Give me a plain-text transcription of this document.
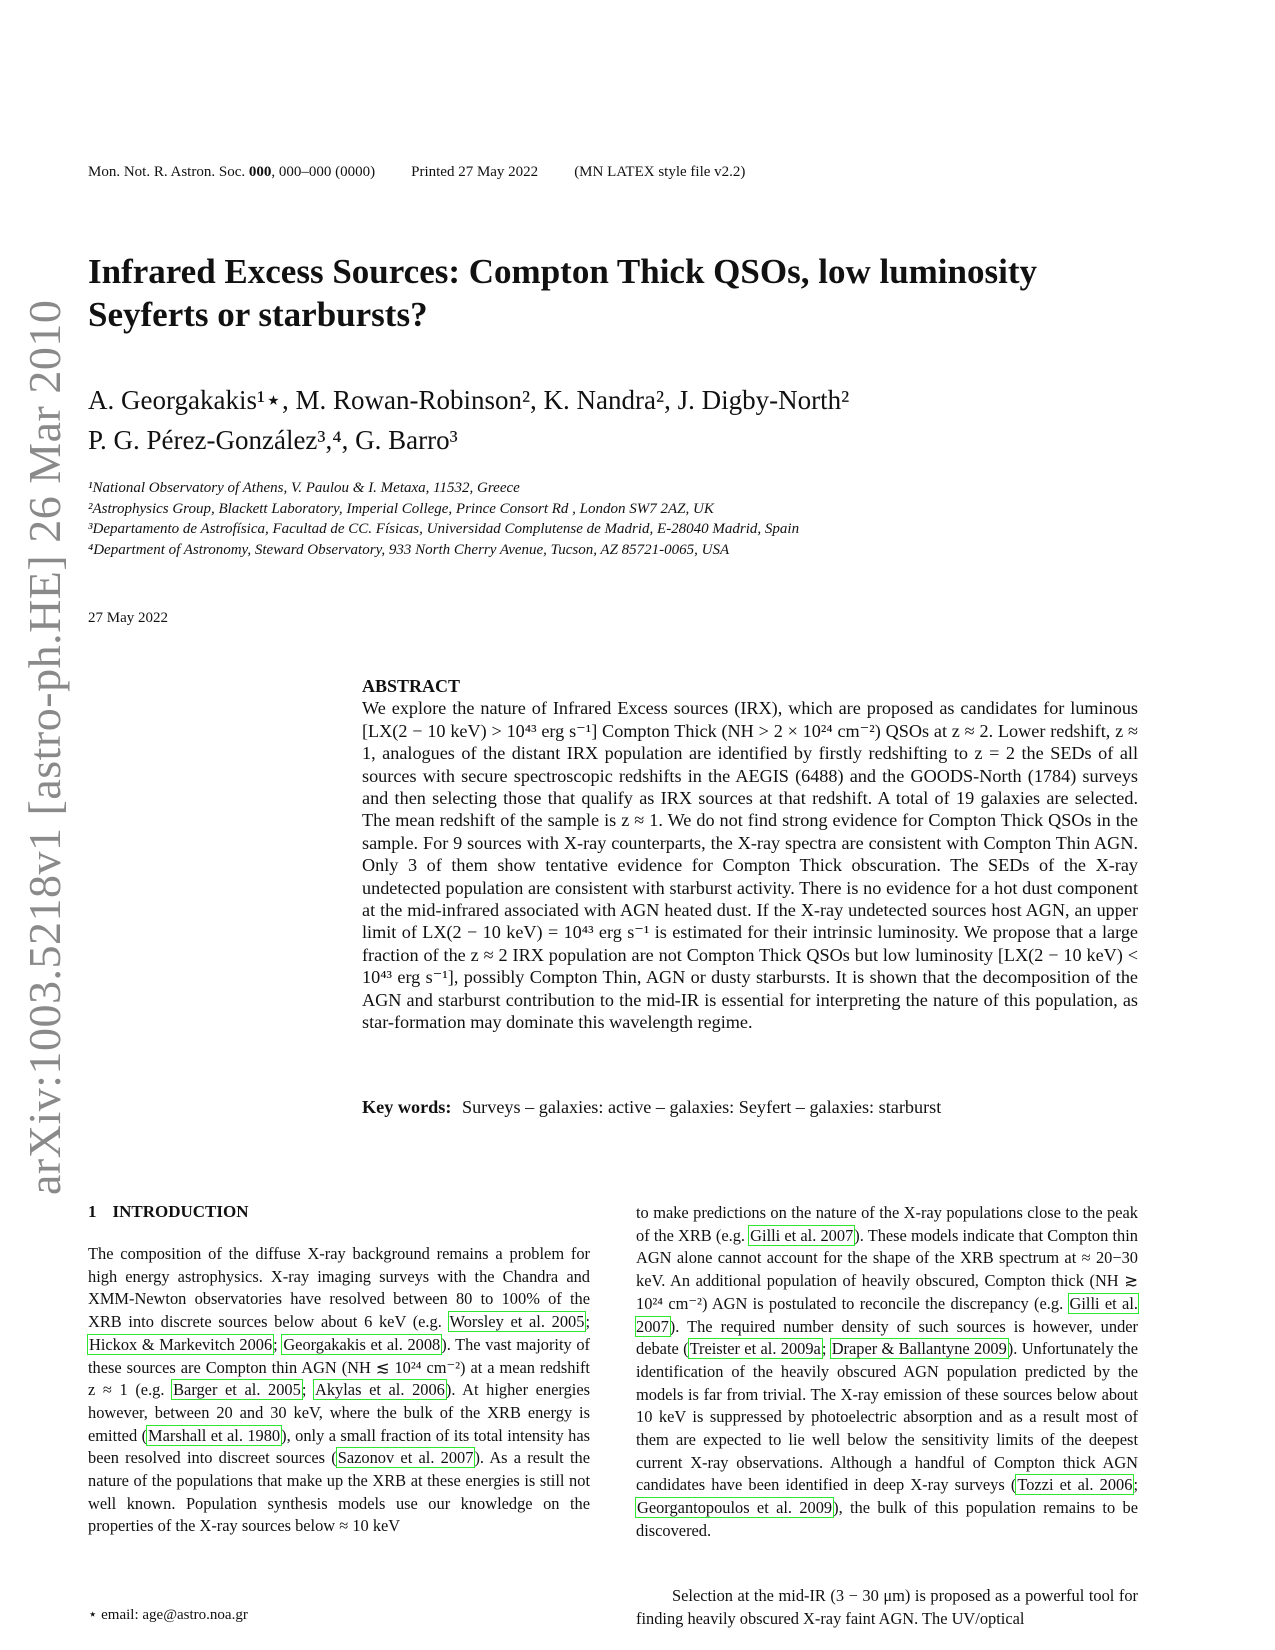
arXiv:1003.5218v1 [astro-ph.HE] 26 Mar 2010
Mon. Not. R. Astron. Soc. 000, 000–000 (0000) Printed 27 May 2022 (MN LATEX style file v2.2)
Infrared Excess Sources: Compton Thick QSOs, low luminosity Seyferts or starbursts?
A. Georgakakis¹⋆, M. Rowan-Robinson², K. Nandra², J. Digby-North²
P. G. Pérez-González³,⁴, G. Barro³
¹National Observatory of Athens, V. Paulou & I. Metaxa, 11532, Greece
²Astrophysics Group, Blackett Laboratory, Imperial College, Prince Consort Rd , London SW7 2AZ, UK
³Departamento de Astrofísica, Facultad de CC. Físicas, Universidad Complutense de Madrid, E-28040 Madrid, Spain
⁴Department of Astronomy, Steward Observatory, 933 North Cherry Avenue, Tucson, AZ 85721-0065, USA
27 May 2022
ABSTRACT
We explore the nature of Infrared Excess sources (IRX), which are proposed as candidates for luminous [LX(2 − 10 keV) > 10⁴³ erg s⁻¹] Compton Thick (NH > 2 × 10²⁴ cm⁻²) QSOs at z ≈ 2. Lower redshift, z ≈ 1, analogues of the distant IRX population are identified by firstly redshifting to z = 2 the SEDs of all sources with secure spectroscopic redshifts in the AEGIS (6488) and the GOODS-North (1784) surveys and then selecting those that qualify as IRX sources at that redshift. A total of 19 galaxies are selected. The mean redshift of the sample is z ≈ 1. We do not find strong evidence for Compton Thick QSOs in the sample. For 9 sources with X-ray counterparts, the X-ray spectra are consistent with Compton Thin AGN. Only 3 of them show tentative evidence for Compton Thick obscuration. The SEDs of the X-ray undetected population are consistent with starburst activity. There is no evidence for a hot dust component at the mid-infrared associated with AGN heated dust. If the X-ray undetected sources host AGN, an upper limit of LX(2 − 10 keV) = 10⁴³ erg s⁻¹ is estimated for their intrinsic luminosity. We propose that a large fraction of the z ≈ 2 IRX population are not Compton Thick QSOs but low luminosity [LX(2 − 10 keV) < 10⁴³ erg s⁻¹], possibly Compton Thin, AGN or dusty starbursts. It is shown that the decomposition of the AGN and starburst contribution to the mid-IR is essential for interpreting the nature of this population, as star-formation may dominate this wavelength regime.
Key words: Surveys – galaxies: active – galaxies: Seyfert – galaxies: starburst
1 INTRODUCTION
The composition of the diffuse X-ray background remains a problem for high energy astrophysics. X-ray imaging surveys with the Chandra and XMM-Newton observatories have resolved between 80 to 100% of the XRB into discrete sources below about 6 keV (e.g. Worsley et al. 2005; Hickox & Markevitch 2006; Georgakakis et al. 2008). The vast majority of these sources are Compton thin AGN (NH ≲ 10²⁴ cm⁻²) at a mean redshift z ≈ 1 (e.g. Barger et al. 2005; Akylas et al. 2006). At higher energies however, between 20 and 30 keV, where the bulk of the XRB energy is emitted (Marshall et al. 1980), only a small fraction of its total intensity has been resolved into discreet sources (Sazonov et al. 2007). As a result the nature of the populations that make up the XRB at these energies is still not well known. Population synthesis models use our knowledge on the properties of the X-ray sources below ≈ 10 keV
to make predictions on the nature of the X-ray populations close to the peak of the XRB (e.g. Gilli et al. 2007). These models indicate that Compton thin AGN alone cannot account for the shape of the XRB spectrum at ≈ 20−30 keV. An additional population of heavily obscured, Compton thick (NH ≳ 10²⁴ cm⁻²) AGN is postulated to reconcile the discrepancy (e.g. Gilli et al. 2007). The required number density of such sources is however, under debate (Treister et al. 2009a; Draper & Ballantyne 2009). Unfortunately the identification of the heavily obscured AGN population predicted by the models is far from trivial. The X-ray emission of these sources below about 10 keV is suppressed by photoelectric absorption and as a result most of them are expected to lie well below the sensitivity limits of the deepest current X-ray observations. Although a handful of Compton thick AGN candidates have been identified in deep X-ray surveys (Tozzi et al. 2006; Georgantopoulos et al. 2009), the bulk of this population remains to be discovered.
Selection at the mid-IR (3 − 30 μm) is proposed as a powerful tool for finding heavily obscured X-ray faint AGN. The UV/optical
⋆ email: age@astro.noa.gr
